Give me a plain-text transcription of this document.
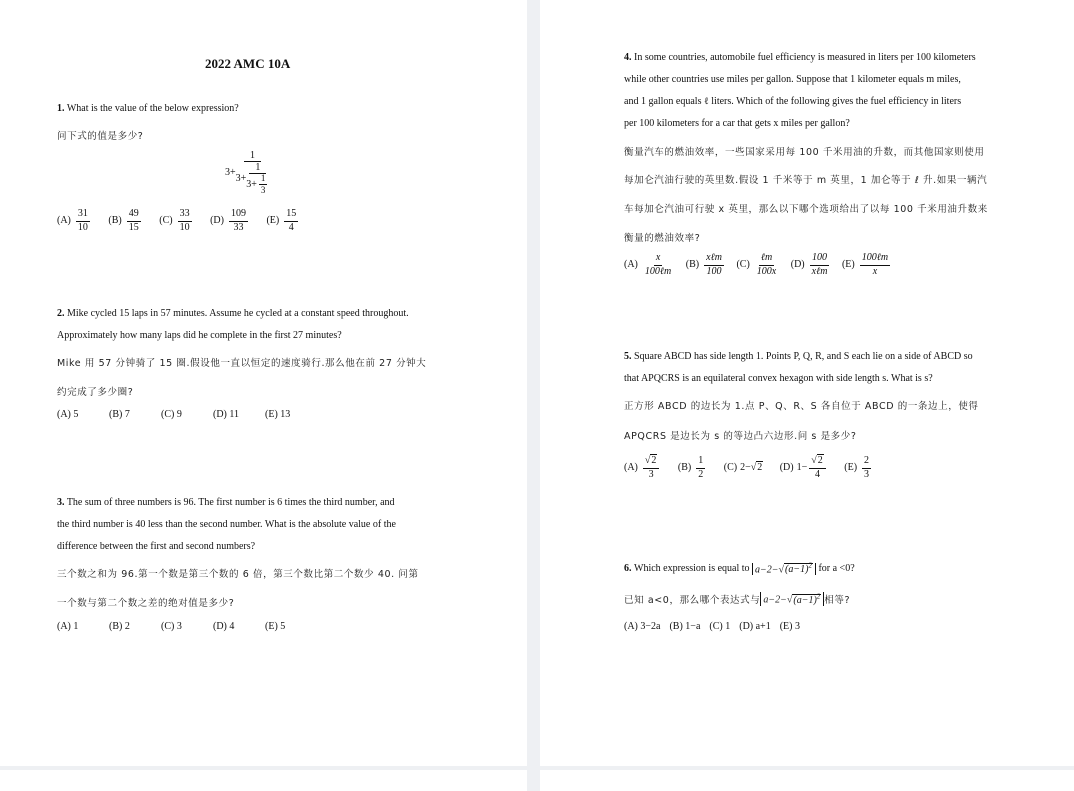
2022 AMC 10A
1. What is the value of the below expression?
问下式的值是多少?
3+
1
$3+ \frac{1}{3+ \frac{1}{3}}$
$(A) \frac{31}{10}$
$(B) \frac{49}{15}$
$(C) \frac{33}{10}$
$(D) \frac{109}{33}$
$(E) \frac{15}{4}$
2. Mike cycled 15 laps in 57 minutes. Assume he cycled at a constant speed throughout.
Approximately how many laps did he complete in the first 27 minutes?
Mike 用 57 分钟骑了 15 圈.假设他一直以恒定的速度骑行.那么他在前 27 分钟大
约完成了多少圈?
(A) 5	(B) 7	(C) 9	(D) 11	(E) 13
3. The sum of three numbers is 96. The first number is 6 times the third number, and
the third number is 40 less than the second number. What is the absolute value of the
difference between the first and second numbers?
三个数之和为 96.第一个数是第三个数的 6 倍，第三个数比第二个数少 40. 问第
一个数与第二个数之差的绝对值是多少?
(A) 1	(B) 2	(C) 3	(D) 4	(E) 5
4. In some countries, automobile fuel efficiency is measured in liters per 100 kilometers
while other countries use miles per gallon. Suppose that 1 kilometer equals m miles,
and 1 gallon equals ℓ liters. Which of the following gives the fuel efficiency in liters
per 100 kilometers for a car that gets x miles per gallon?
衡量汽车的燃油效率，一些国家采用每 100 千米用油的升数，而其他国家则使用
每加仑汽油行驶的英里数.假设 1 千米等于 m 英里，1 加仑等于 ℓ 升.如果一辆汽
车每加仑汽油可行驶 x 英里，那么以下哪个选项给出了以每 100 千米用油升数来
衡量的燃油效率?
$(A) \frac{x}{\text{100ℓm}}$
$(B) \frac{\text{xℓm}}{100}$
$(C) \frac{\text{ℓm}}{100x}$
$(D) \frac{100}{\text{xℓm}}$
$(E) \frac{\text{100ℓm}}{x}$
5. Square ABCD has side length 1. Points P, Q, R, and S each lie on a side of ABCD so
that APQCRS is an equilateral convex hexagon with side length s. What is s?
正方形 ABCD 的边长为 1.点 P、Q、R、S 各自位于 ABCD 的一条边上，使得
APQCRS 是边长为 s 的等边凸六边形.问 s 是多少?
$(A) \frac{√2}{3}$
$(B) \frac{1}{2}$
(C) 2− √2
(D) $1- \frac{√2}{4}$
$(E) \frac{2}{3}$
6.
Which expression is equal to
$a-2-√(a-1)^2$
for a <0?
已知 a<0，那么哪个表达式与 $a-2-√(a-1)^2$ 相等?
(A) 3−2a (B) 1−a (C) 1 (D) a+1 (E) 3
